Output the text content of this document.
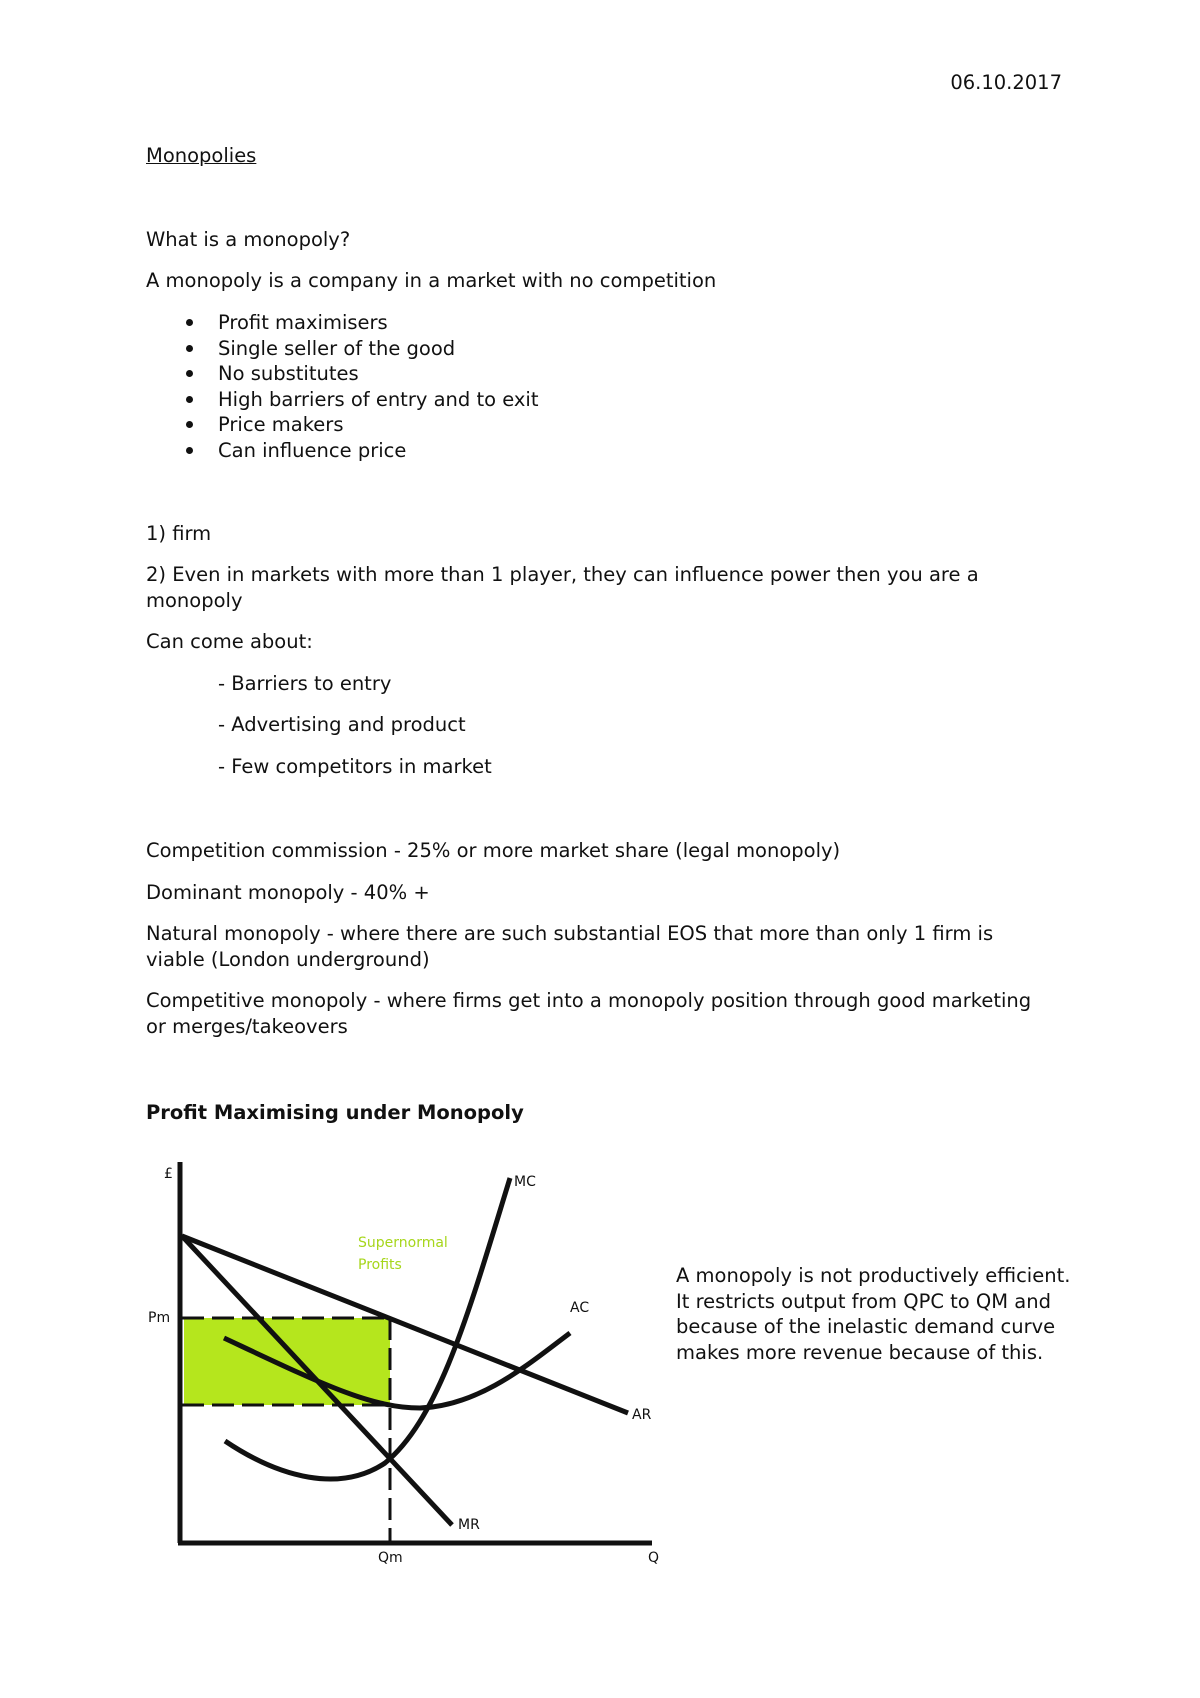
06.10.2017
Monopolies
What is a monopoly?
A monopoly is a company in a market with no competition
Profit maximisers
Single seller of the good
No substitutes
High barriers of entry and to exit
Price makers
Can influence price
1) firm
2) Even in markets with more than 1 player, they can influence power then you are a monopoly
Can come about:
- Barriers to entry
- Advertising and product
- Few competitors in market
Competition commission - 25% or more market share (legal monopoly)
Dominant monopoly - 40% +
Natural monopoly - where there are such substantial EOS that more than only 1 firm is viable (London underground)
Competitive monopoly - where firms get into a monopoly position through good marketing or merges/takeovers
Profit Maximising under Monopoly
£
Pm
Qm	Q
MC
AC
AR
MR
Supernormal
Profits	A monopoly is not productively efficient. It restricts output from QPC to QM and because of the inelastic demand curve makes more revenue because of this.
